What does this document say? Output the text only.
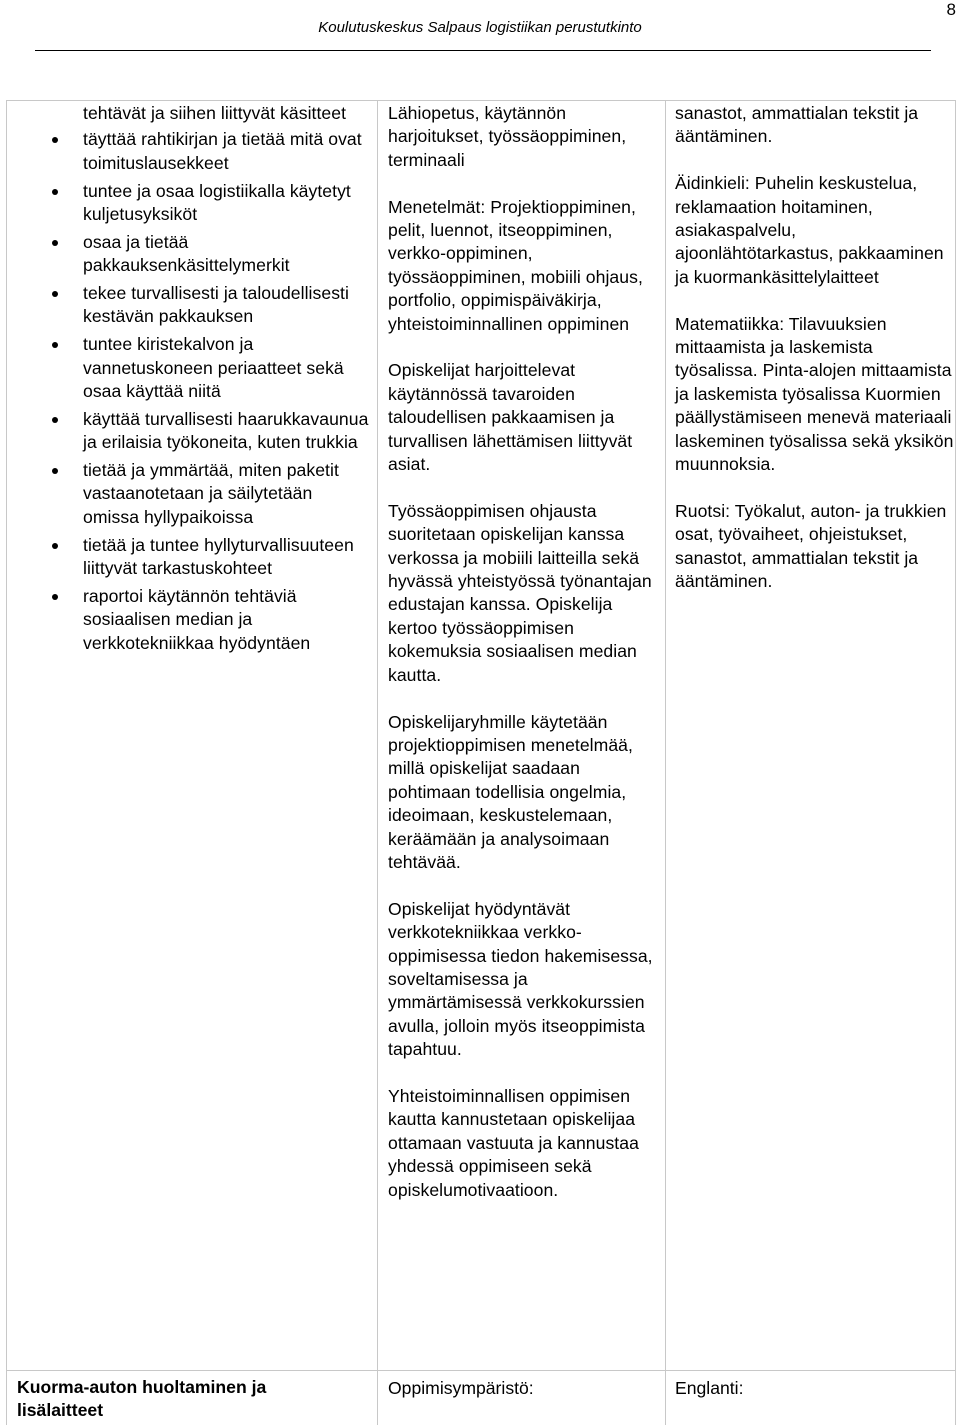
8
Koulutuskeskus Salpaus logistiikan perustutkinto
tehtävät ja siihen liittyvät käsitteet
täyttää rahtikirjan ja tietää mitä ovat toimituslausekkeet
tuntee ja osaa logistiikalla käytetyt kuljetusyksiköt
osaa ja tietää pakkauksenkäsittelymerkit
tekee turvallisesti ja taloudellisesti kestävän pakkauksen
tuntee kiristekalvon ja vannetuskoneen periaatteet sekä osaa käyttää niitä
käyttää turvallisesti haarukkavaunua ja erilaisia työkoneita, kuten trukkia
tietää ja ymmärtää, miten paketit vastaanotetaan ja säilytetään omissa hyllypaikoissa
tietää ja tuntee hyllyturvallisuuteen liittyvät tarkastuskohteet
raportoi käytännön tehtäviä sosiaalisen median ja verkkotekniikkaa hyödyntäen

Lähiopetus, käytännön harjoitukset, työssäoppiminen, terminaali

Menetelmät: Projektioppiminen, pelit, luennot, itseoppiminen, verkko-oppiminen, työssäoppiminen, mobiili ohjaus, portfolio, oppimispäiväkirja, yhteistoiminnallinen oppiminen

Opiskelijat harjoittelevat käytännössä tavaroiden taloudellisen pakkaamisen ja turvallisen lähettämisen liittyvät asiat.

Työssäoppimisen ohjausta suoritetaan opiskelijan kanssa verkossa ja mobiili laitteilla sekä hyvässä yhteistyössä työnantajan edustajan kanssa. Opiskelija kertoo työssäoppimisen kokemuksia sosiaalisen median kautta.

Opiskelijaryhmille käytetään projektioppimisen menetelmää, millä opiskelijat saadaan pohtimaan todellisia ongelmia, ideoimaan, keskustelemaan, keräämään ja analysoimaan tehtävää.

Opiskelijat hyödyntävät verkkotekniikkaa verkko-oppimisessa tiedon hakemisessa, soveltamisessa ja ymmärtämisessä verkkokurssien avulla, jolloin myös itseoppimista tapahtuu.

Yhteistoiminnallisen oppimisen kautta kannustetaan opiskelijaa ottamaan vastuuta ja kannustaa yhdessä oppimiseen sekä opiskelumotivaatioon.

sanastot, ammattialan tekstit ja ääntäminen.

Äidinkieli: Puhelin keskustelua, reklamaation hoitaminen, asiakaspalvelu, ajoonlähtötarkastus, pakkaaminen ja kuormankäsittelylaitteet

Matematiikka: Tilavuuksien mittaamista ja laskemista työsalissa. Pinta-alojen mittaamista ja laskemista työsalissa Kuormien päällystämiseen menevä materiaali laskeminen työsalissa sekä yksikön muunnoksia.

Ruotsi: Työkalut, auton- ja trukkien osat, työvaiheet, ohjeistukset, sanastot, ammattialan tekstit ja ääntäminen.

Kuorma-auton huoltaminen ja lisälaitteet
Oppimisympäristö:	Englanti:
